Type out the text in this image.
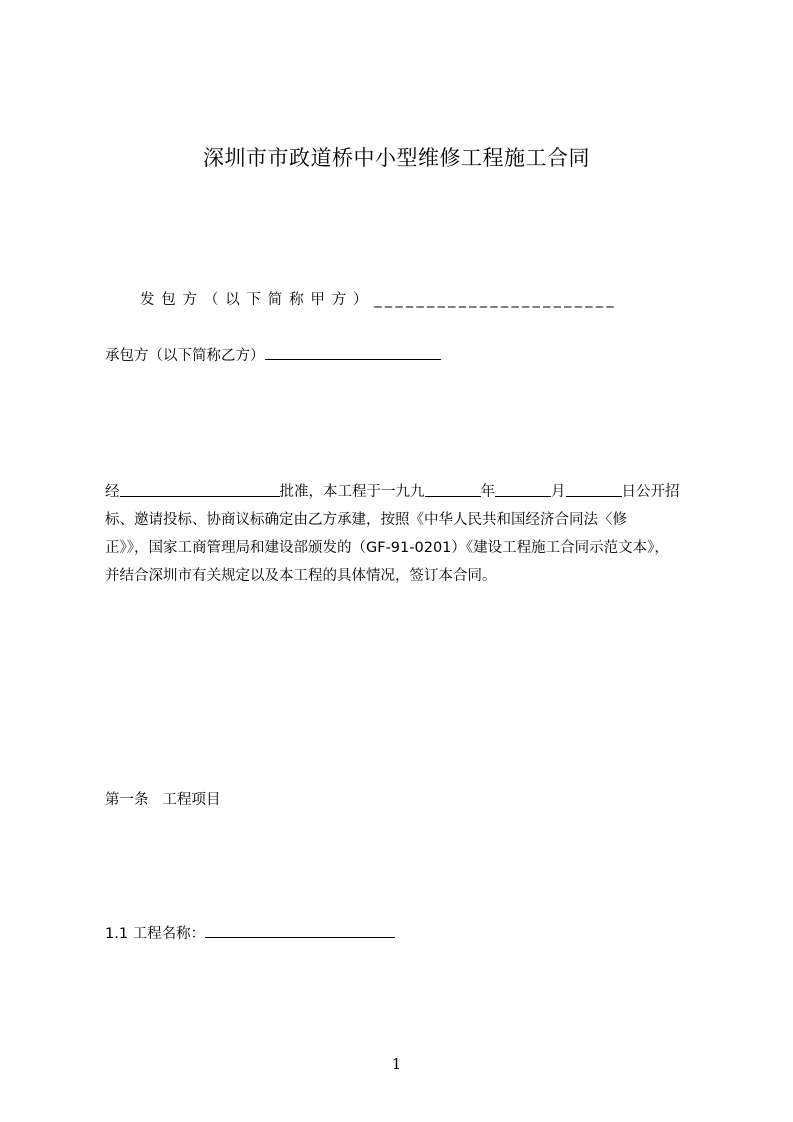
深圳市市政道桥中小型维修工程施工合同
发包方（以下简称甲方）_______________________
承包方（以下简称乙方）
经	批准，本工程于一九九	年	月	日公开招
标、邀请投标、协商议标确定由乙方承建，按照《中华人民共和国经济合同法〈修
正》》，国家工商管理局和建设部颁发的（GF-91-0201）《建设工程施工合同示范文本》，
并结合深圳市有关规定以及本工程的具体情况，签订本合同。
第一条 工程项目
1.1 工程名称：
1
